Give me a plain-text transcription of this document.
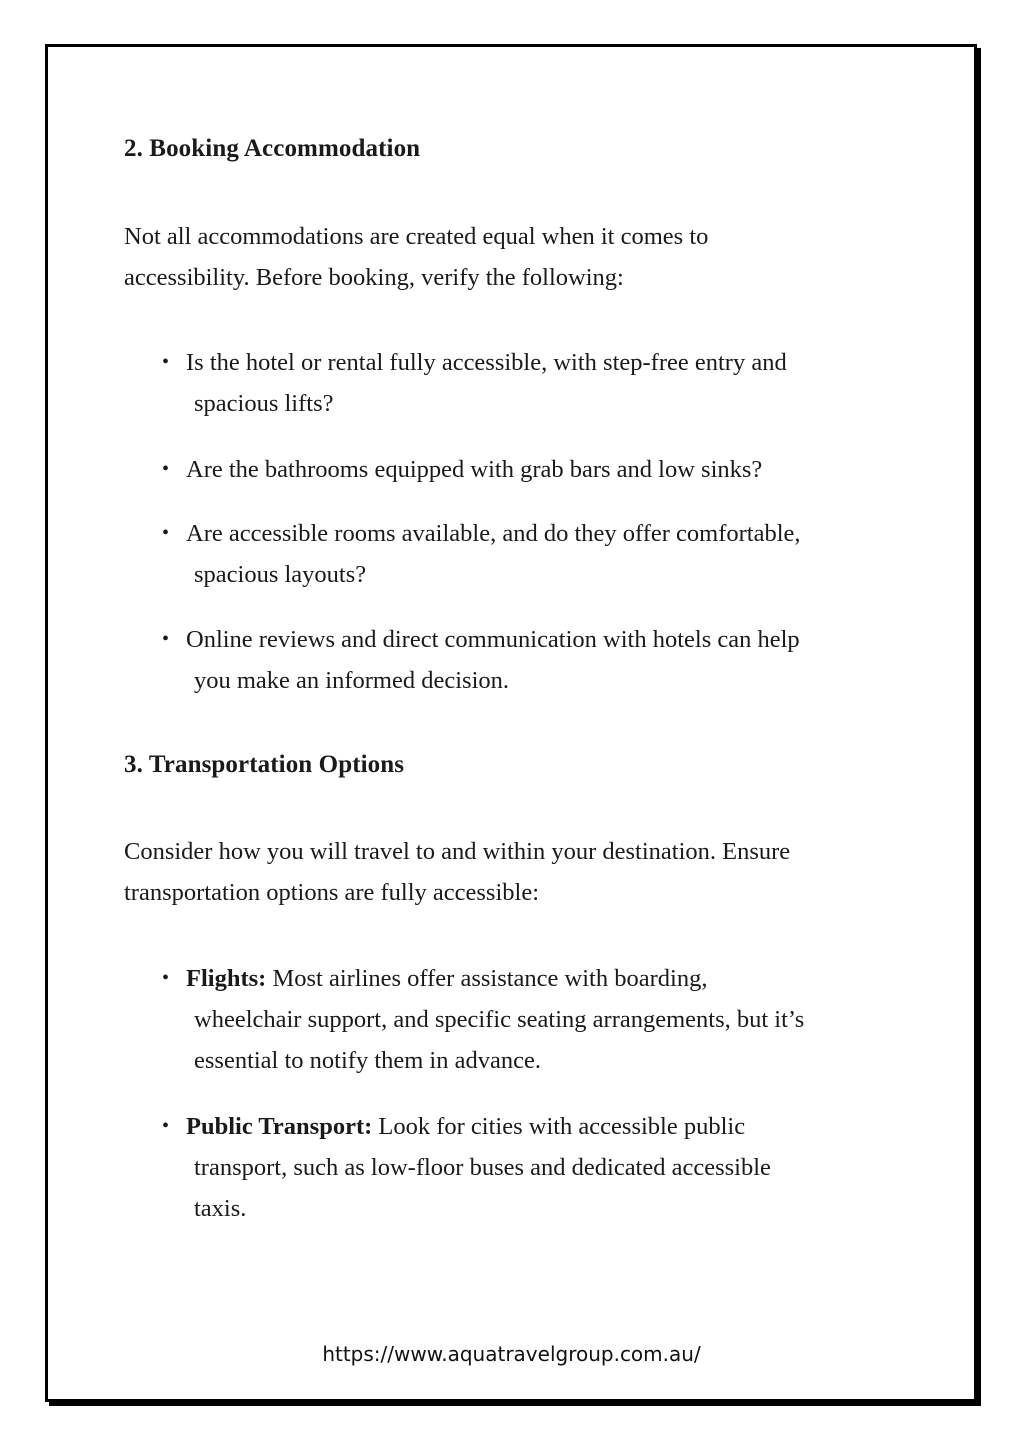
2. Booking Accommodation
Not all accommodations are created equal when it comes to
accessibility. Before booking, verify the following:
• Is the hotel or rental fully accessible, with step-free entry and
spacious lifts?
• Are the bathrooms equipped with grab bars and low sinks?
• Are accessible rooms available, and do they offer comfortable,
spacious layouts?
• Online reviews and direct communication with hotels can help
you make an informed decision.
3. Transportation Options
Consider how you will travel to and within your destination. Ensure
transportation options are fully accessible:
• Flights: Most airlines offer assistance with boarding,
wheelchair support, and specific seating arrangements, but it’s
essential to notify them in advance.
• Public Transport: Look for cities with accessible public
transport, such as low-floor buses and dedicated accessible
taxis.
https://www.aquatravelgroup.com.au/
